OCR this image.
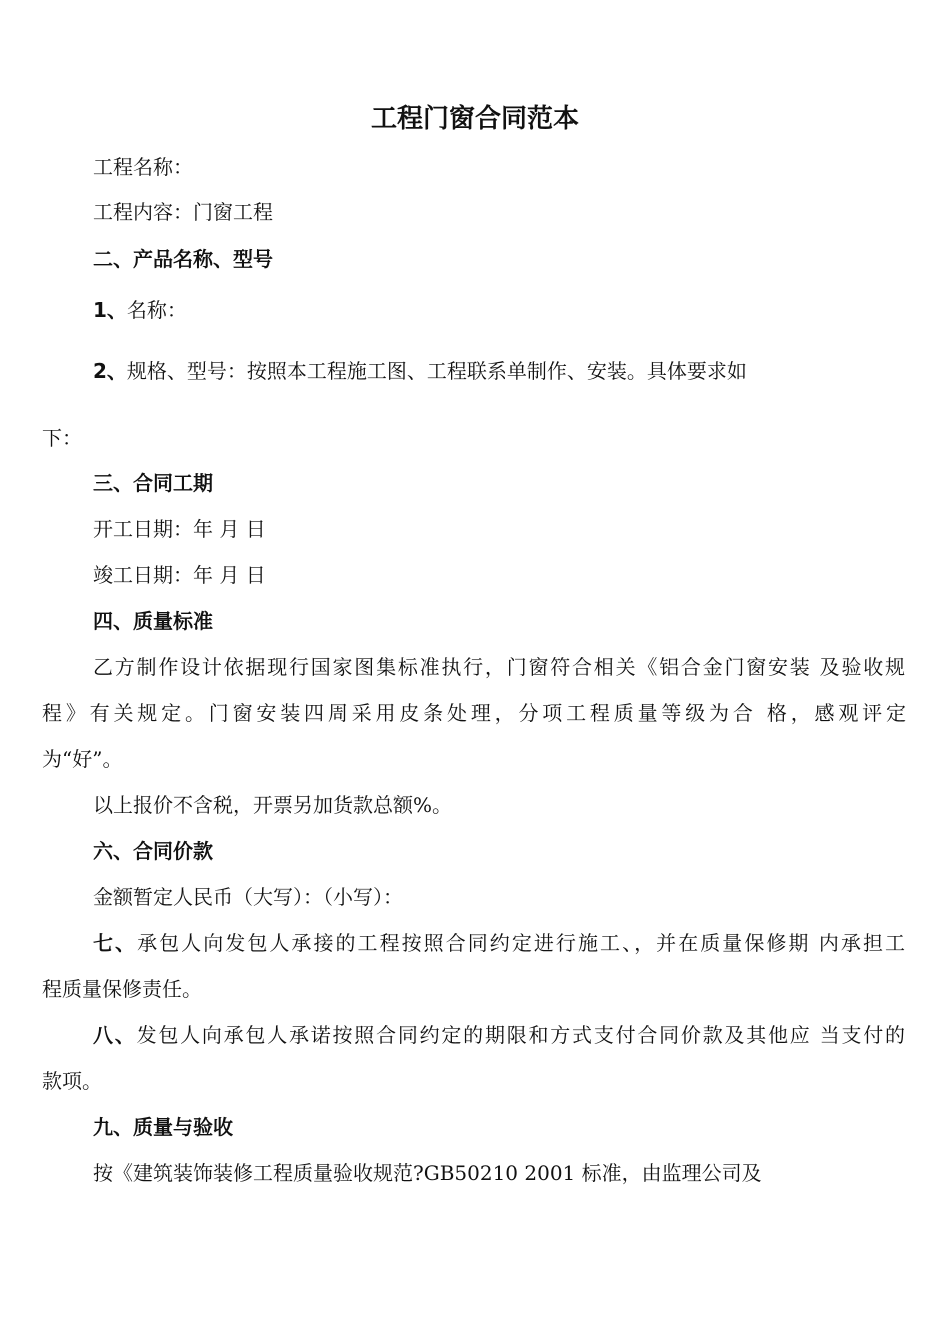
工程门窗合同范本

工程名称：

工程内容：门窗工程

二、产品名称、型号

1、名称：

2、规格、型号：按照本工程施工图、工程联系单制作、安装。具体要求如

下：

三、合同工期

开工日期：年 月 日

竣工日期：年 月 日

四、质量标准

乙方制作设计依据现行国家图集标准执行，门窗符合相关《铝合金门窗安装 及验收规

程》有关规定。门窗安装四周采用皮条处理，分项工程质量等级为合 格，感观评定

为“好”。

以上报价不含税，开票另加货款总额%。

六、合同价款

金额暂定人民币（大写）：（小写）：

七、承包人向发包人承接的工程按照合同约定进行施工、，并在质量保修期 内承担工

程质量保修责任。

八、发包人向承包人承诺按照合同约定的期限和方式支付合同价款及其他应 当支付的

款项。

九、质量与验收

按《建筑装饰装修工程质量验收规范?GB50210 2001 标准，由监理公司及
